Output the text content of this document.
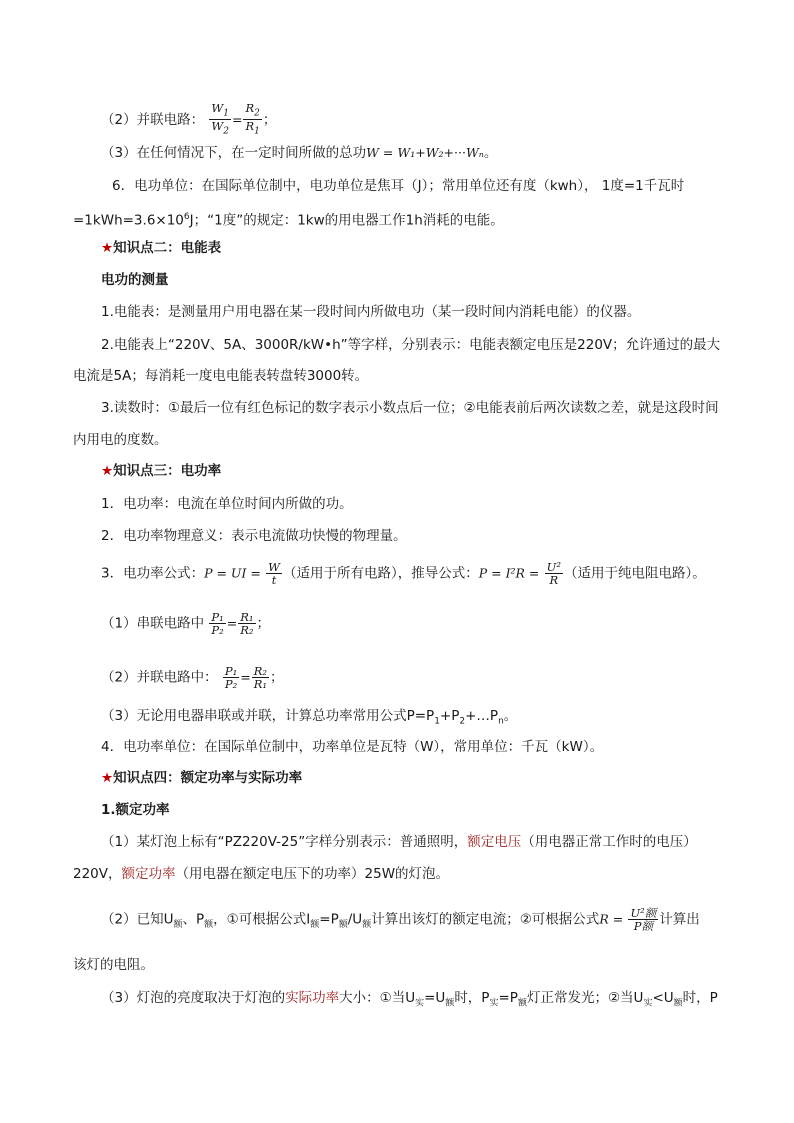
（2）并联电路： $\frac{W_1}{W_2} = \frac{R_2}{R_1}$ ；
（3）在任何情况下，在一定时间所做的总功W = W₁+W₂+···Wₙ。
6．电功单位：在国际单位制中，电功单位是焦耳（J）；常用单位还有度（kwh）， 1度=1千瓦时
$=1kWh=3.6\times 10^6J$；“1度”的规定：1kw的用电器工作1h消耗的电能。
★知识点二：电能表
电功的测量
1.电能表：是测量用户用电器在某一段时间内所做电功（某一段时间内消耗电能）的仪器。
2.电能表上“220V、5A、3000R/kW•h”等字样，分别表示：电能表额定电压是220V；允许通过的最大
电流是5A；每消耗一度电电能表转盘转3000转。
3.读数时：①最后一位有红色标记的数字表示小数点后一位；②电能表前后两次读数之差，就是这段时间
内用电的度数。
★知识点三：电功率
1．电功率：电流在单位时间内所做的功。
2．电功率物理意义：表示电流做功快慢的物理量。
3．电功率公式：P = UI = $\frac{W}{t}$ （适用于所有电路），推导公式：$P = I^2R = \frac{\text{U²}}{R}$ （适用于纯电阻电路）。
（1）串联电路中 $\frac{\text{P₁}}{\text{P₂}} = \frac{\text{R₁}}{\text{R₂}}$ ；
（2）并联电路中： $\frac{\text{P₁}}{\text{P₂}} = \frac{\text{R₂}}{\text{R₁}}$ ；
（3）无论用电器串联或并联，计算总功率常用公式$P=P_1+P_2+\dots P_n$。
4．电功率单位：在国际单位制中，功率单位是瓦特（W），常用单位：千瓦（kW）。
★知识点四：额定功率与实际功率
1.额定功率
（1）某灯泡上标有“PZ220V-25”字样分别表示：普通照明，额定电压（用电器正常工作时的电压）
220V，额定功率（用电器在额定电压下的功率）25W的灯泡。
（2）已知$U_额$、$P_额$，①可根据公式$I_额=P_额/U_额$计算出该灯的额定电流；②可根据公式$R = \frac{\text{U²额}}{\text{P额}}$ 计算出
该灯的电阻。
（3）灯泡的亮度取决于灯泡的实际功率大小：①当$U_实=U_额$时，$P_实=P_额$灯正常发光；②当$U_实<U_额$时，P
